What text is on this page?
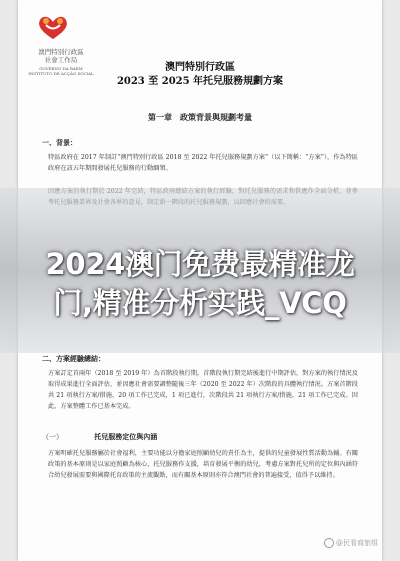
澳門特別行政區
社會工作局
GOVERNO DA RAEM
INSTITUTO DE ACÇÃO SOCIAL
澳門特別行政區
2023 至 2025 年托兒服務規劃方案
第一章　政策背景與規劃考量
一、背景：
特區政府在 2017 年制訂“澳門特別行政區 2018 至 2022 年托兒服務規劃方案”（以下簡稱：“方案”），作為特區政府在該五年期間發展托兒服務的行動綱領。
二、方案經驗總結：
方案訂定首兩年（2018 至 2019 年）為首階段執行期，首階段執行期完結後進行中期評估，對方案的執行情況及取得成果進行全面評估，並因應社會需要調整隨後三年（2020 至 2022 年）次階段的具體執行情況。方案首階段共 21 項執行方案/措施，20 項工作已完成，1 項已進行，次階段共 21 項執行方案/措施，21 項工作已完成。因此，方案整體工作已基本完成。
（一）	托兒服務定位與內涵
方案明確托兒服務屬於社會福利，主要功能以分擔家庭照顧幼兒的責任為主，提供的兒童發展性質活動為輔。有關政策的基本原則是以家庭照顧為核心，托兒服務作支援，培育發展平衡的幼兒，考慮方案對托兒所的定位與內涵符合幼兒發展需要與國際托育政策的主流觀點，而有關基本原則亦符合澳門社會的普遍接受，值得予以維持。
2024澳门免费最精准龙
门,精准分析实践_VCQ
@民看商旅组
